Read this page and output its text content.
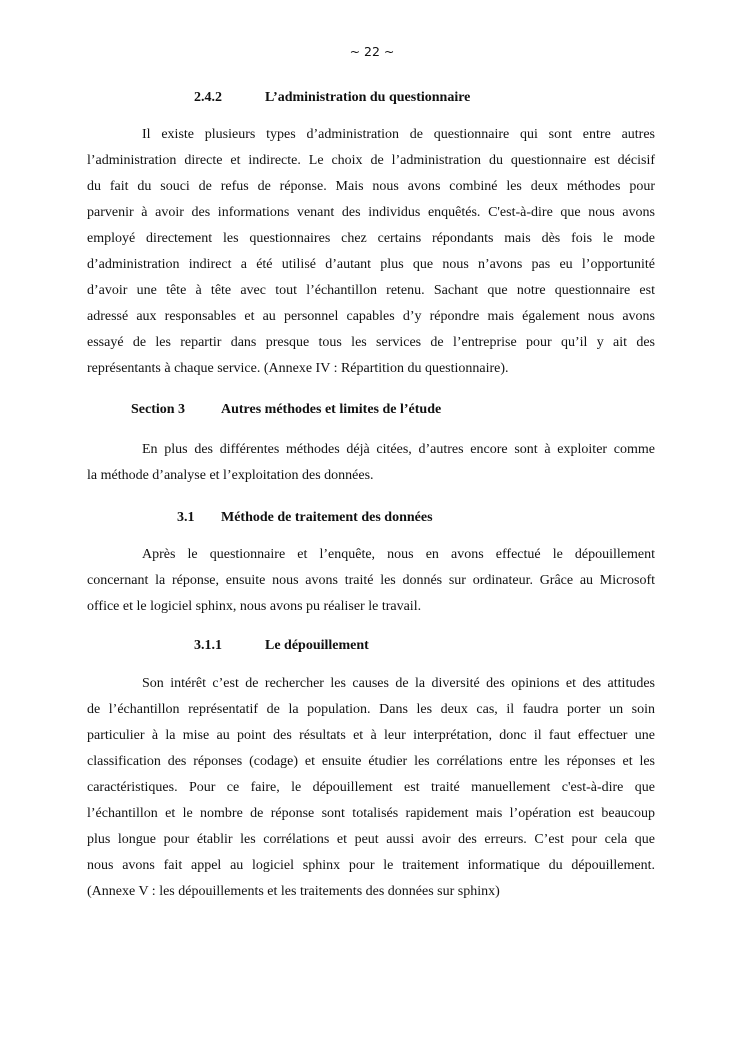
~ 22 ~
2.4.2	L’administration du questionnaire
Il existe plusieurs types d’administration de questionnaire qui sont entre autres
l’administration directe et indirecte. Le choix de l’administration du questionnaire est décisif
du fait du souci de refus de réponse. Mais nous avons combiné les deux méthodes pour
parvenir à avoir des informations venant des individus enquêtés. C'est-à-dire que nous avons
employé directement les questionnaires chez certains répondants mais dès fois le mode
d’administration indirect a été utilisé d’autant plus que nous n’avons pas eu l’opportunité
d’avoir une tête à tête avec tout l’échantillon retenu. Sachant que notre questionnaire est
adressé aux responsables et au personnel capables d’y répondre mais également nous avons
essayé de les repartir dans presque tous les services de l’entreprise pour qu’il y ait des
représentants à chaque service. (Annexe IV : Répartition du questionnaire).
Section 3	Autres méthodes et limites de l’étude
En plus des différentes méthodes déjà citées, d’autres encore sont à exploiter comme
la méthode d’analyse et l’exploitation des données.
3.1 Méthode de traitement des données
Après le questionnaire et l’enquête, nous en avons effectué le dépouillement
concernant la réponse, ensuite nous avons traité les donnés sur ordinateur. Grâce au Microsoft
office et le logiciel sphinx, nous avons pu réaliser le travail.
3.1.1	Le dépouillement
Son intérêt c’est de rechercher les causes de la diversité des opinions et des attitudes
de l’échantillon représentatif de la population. Dans les deux cas, il faudra porter un soin
particulier à la mise au point des résultats et à leur interprétation, donc il faut effectuer une
classification des réponses (codage) et ensuite étudier les corrélations entre les réponses et les
caractéristiques. Pour ce faire, le dépouillement est traité manuellement c'est-à-dire que
l’échantillon et le nombre de réponse sont totalisés rapidement mais l’opération est beaucoup
plus longue pour établir les corrélations et peut aussi avoir des erreurs. C’est pour cela que
nous avons fait appel au logiciel sphinx pour le traitement informatique du dépouillement.
(Annexe V : les dépouillements et les traitements des données sur sphinx)
